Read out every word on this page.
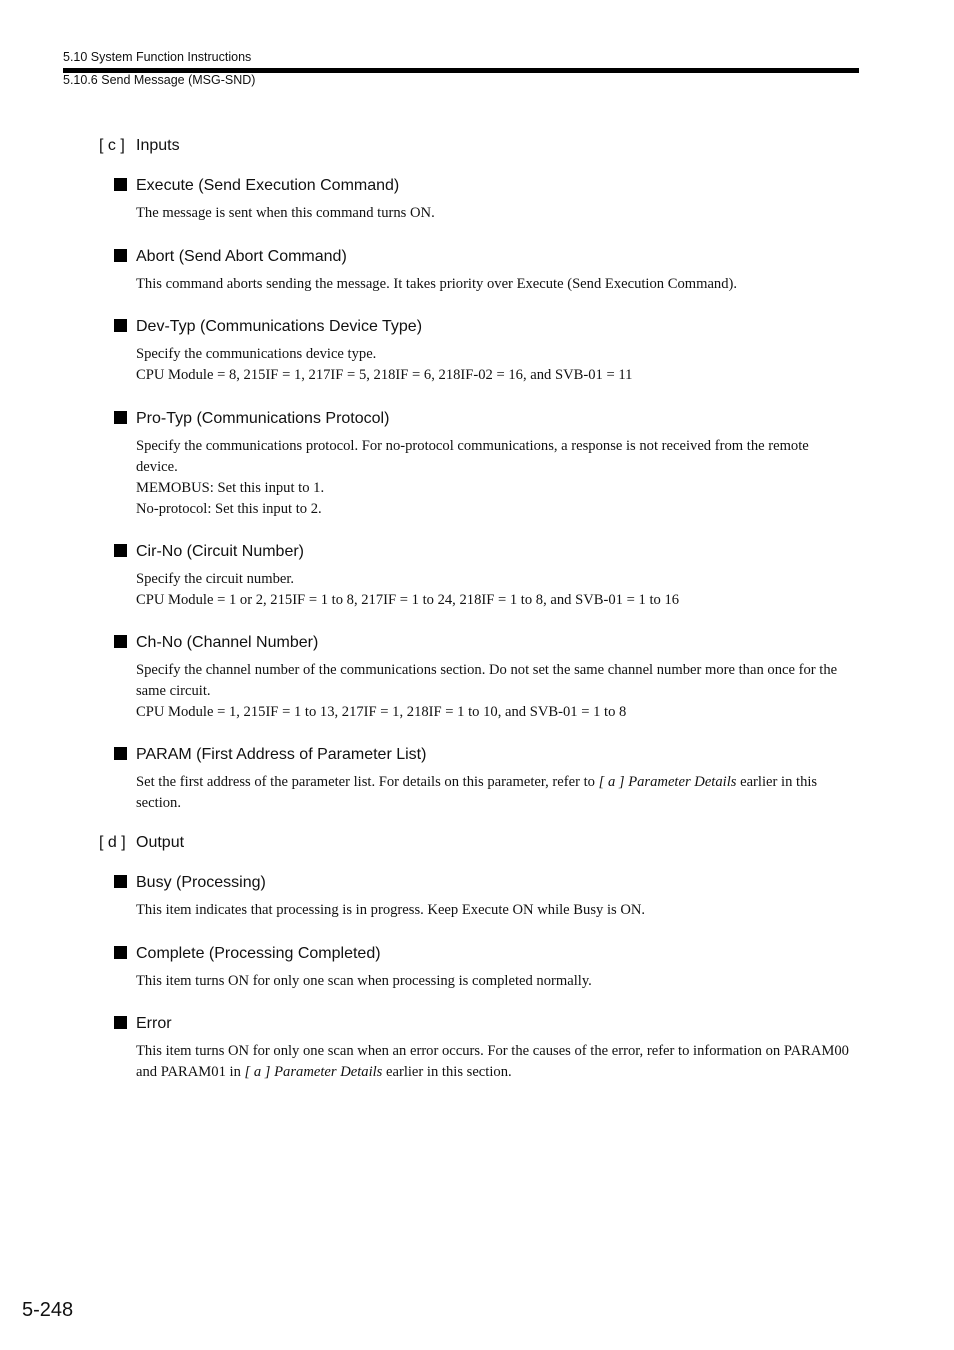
5.10 System Function Instructions
5.10.6 Send Message (MSG-SND)
[ c ] Inputs
Execute (Send Execution Command)

The message is sent when this command turns ON.

Abort (Send Abort Command)

This command aborts sending the message. It takes priority over Execute (Send Execution Command).

Dev-Typ (Communications Device Type)

Specify the communications device type.

CPU Module = 8, 215IF = 1, 217IF = 5, 218IF = 6, 218IF-02 = 16, and SVB-01 = 11

Pro-Typ (Communications Protocol)

Specify the communications protocol. For no-protocol communications, a response is not received from the remote device.

MEMOBUS: Set this input to 1.

No-protocol: Set this input to 2.

Cir-No (Circuit Number)

Specify the circuit number.

CPU Module = 1 or 2, 215IF = 1 to 8, 217IF = 1 to 24, 218IF = 1 to 8, and SVB-01 = 1 to 16

Ch-No (Channel Number)

Specify the channel number of the communications section. Do not set the same channel number more than once for the same circuit.

CPU Module = 1, 215IF = 1 to 13, 217IF = 1, 218IF = 1 to 10, and SVB-01 = 1 to 8

PARAM (First Address of Parameter List)

Set the first address of the parameter list. For details on this parameter, refer to [ a ] Parameter Details earlier in this section.

[ d ] Output
Busy (Processing)

This item indicates that processing is in progress. Keep Execute ON while Busy is ON.

Complete (Processing Completed)

This item turns ON for only one scan when processing is completed normally.

Error

This item turns ON for only one scan when an error occurs. For the causes of the error, refer to information on PARAM00 and PARAM01 in [ a ] Parameter Details earlier in this section.

5-248
